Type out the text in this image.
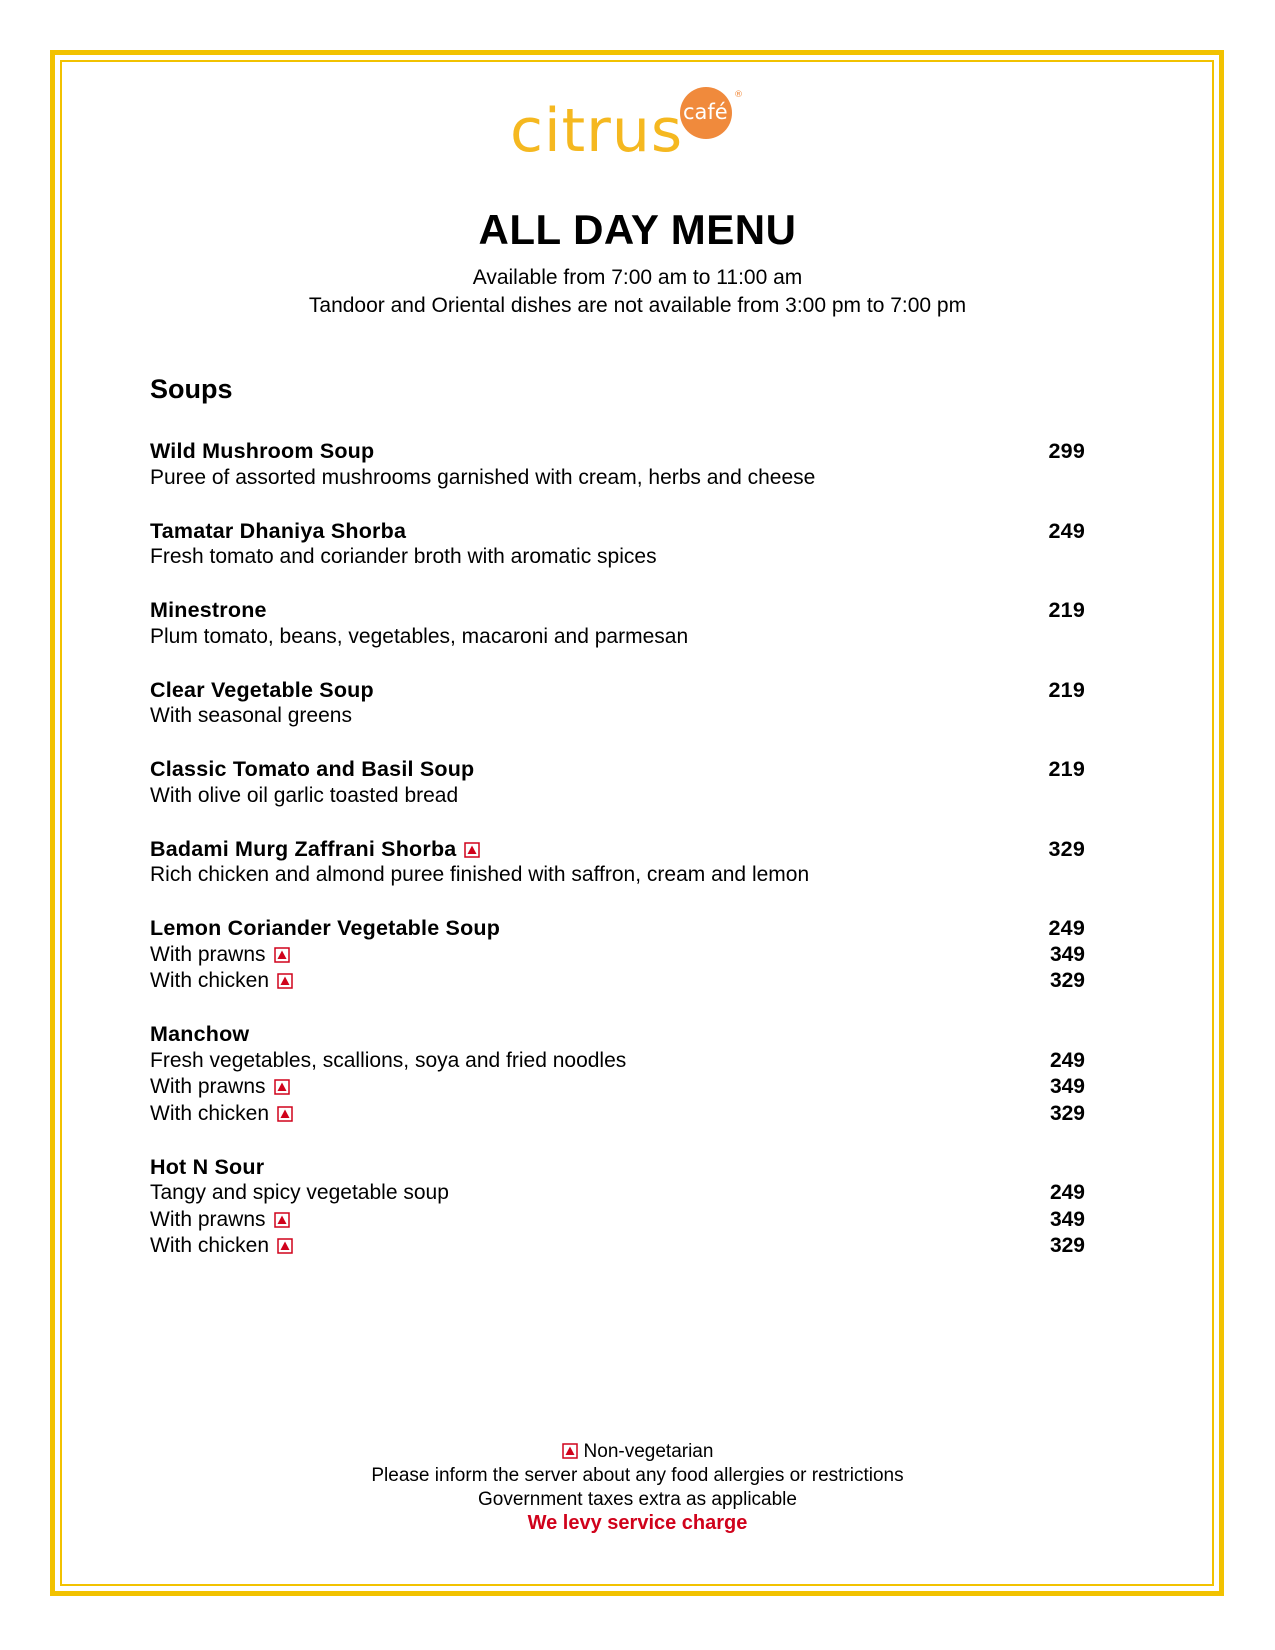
citrus café
®
ALL DAY MENU
Available from 7:00 am to 11:00 am
Tandoor and Oriental dishes are not available from 3:00 pm to 7:00 pm
Soups
Wild Mushroom Soup	299
Puree of assorted mushrooms garnished with cream, herbs and cheese
Tamatar Dhaniya Shorba	249
Fresh tomato and coriander broth with aromatic spices
Minestrone	219
Plum tomato, beans, vegetables, macaroni and parmesan
Clear Vegetable Soup	219
With seasonal greens
Classic Tomato and Basil Soup	219
With olive oil garlic toasted bread
Badami Murg Zaffrani Shorba	329
Rich chicken and almond puree finished with saffron, cream and lemon
Lemon Coriander Vegetable Soup	249
With prawns	349
With chicken	329
Manchow
Fresh vegetables, scallions, soya and fried noodles	249
With prawns	349
With chicken	329
Hot N Sour
Tangy and spicy vegetable soup	249
With prawns	349
With chicken	329
Non-vegetarian
Please inform the server about any food allergies or restrictions
Government taxes extra as applicable
We levy service charge
